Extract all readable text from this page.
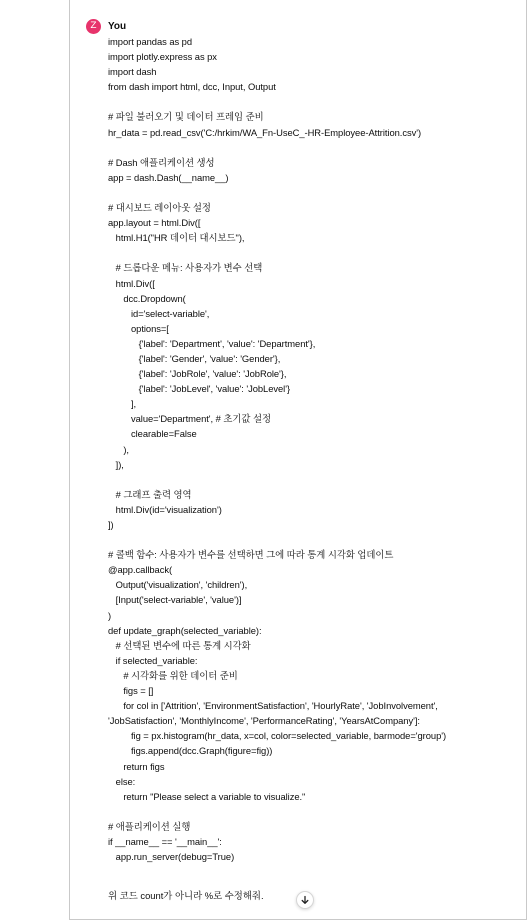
Z	You
import pandas as pd
import plotly.express as px
import dash
from dash import html, dcc, Input, Output
# 파일 불러오기 및 데이터 프레임 준비
hr_data = pd.read_csv('C:/hrkim/WA_Fn-UseC_-HR-Employee-Attrition.csv')
# Dash 애플리케이션 생성
app = dash.Dash(__name__)
# 대시보드 레이아웃 설정
app.layout = html.Div([
html.H1("HR 데이터 대시보드"),
# 드롭다운 메뉴: 사용자가 변수 선택
html.Div([
dcc.Dropdown(
id='select-variable',
options=[
{'label': 'Department', 'value': 'Department'},
{'label': 'Gender', 'value': 'Gender'},
{'label': 'JobRole', 'value': 'JobRole'},
{'label': 'JobLevel', 'value': 'JobLevel'}
],
value='Department', # 초기값 설정
clearable=False
),
]),
# 그래프 출력 영역
html.Div(id='visualization')
])
# 콜백 함수: 사용자가 변수를 선택하면 그에 따라 통계 시각화 업데이트
@app.callback(
Output('visualization', 'children'),
[Input('select-variable', 'value')]
)
def update_graph(selected_variable):
# 선택된 변수에 따른 통계 시각화
if selected_variable:
# 시각화를 위한 데이터 준비
figs = []
for col in ['Attrition', 'EnvironmentSatisfaction', 'HourlyRate', 'JobInvolvement',
'JobSatisfaction', 'MonthlyIncome', 'PerformanceRating', 'YearsAtCompany']:
fig = px.histogram(hr_data, x=col, color=selected_variable, barmode='group')
figs.append(dcc.Graph(figure=fig))
return figs
else:
return "Please select a variable to visualize."
# 애플리케이션 실행
if __name__ == '__main__':
app.run_server(debug=True)
위 코드 count가 아니라 %로 수정해줘.
